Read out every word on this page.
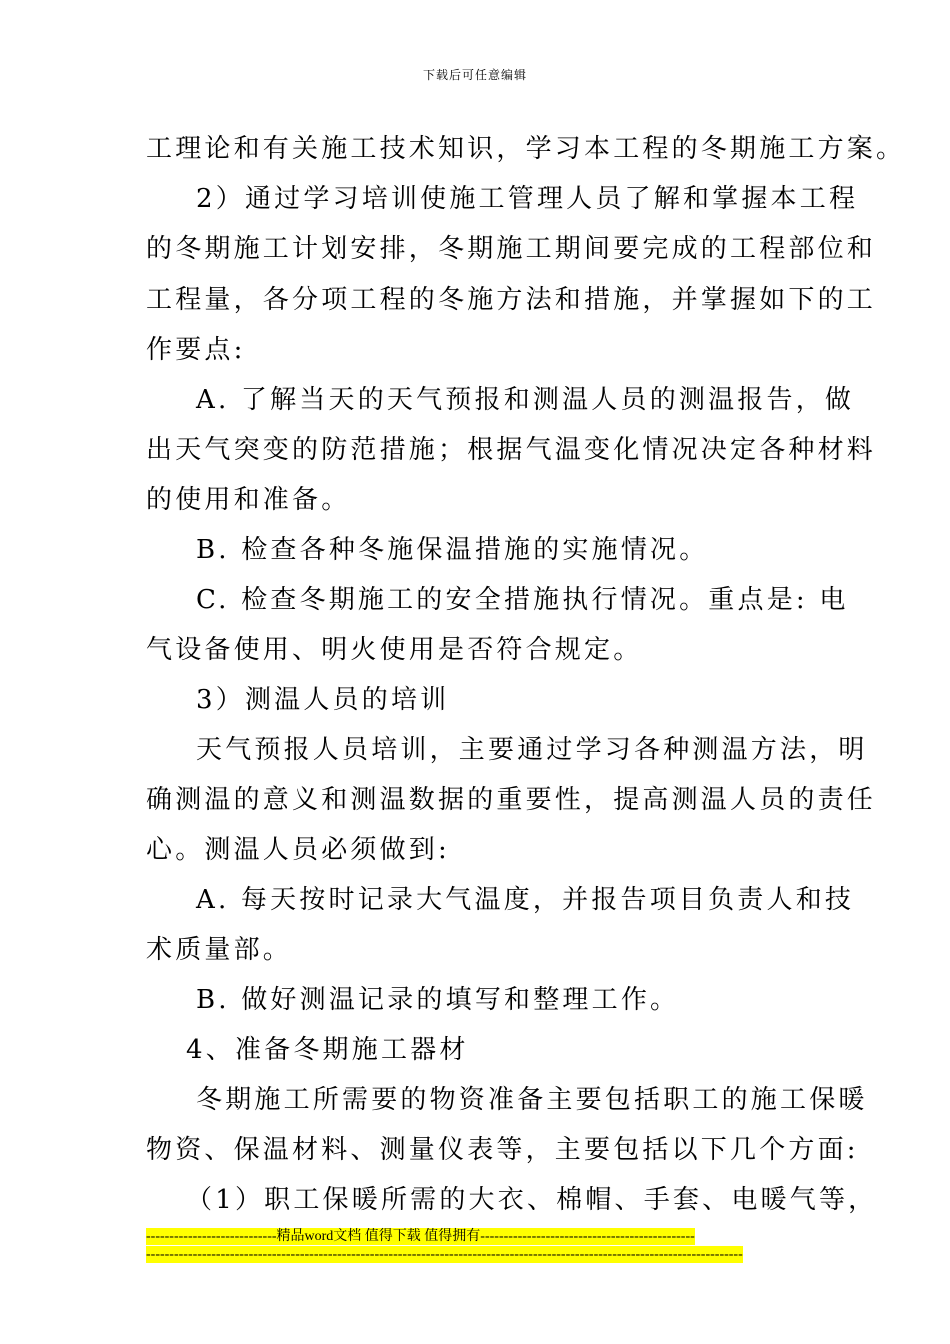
下载后可任意编辑
工理论和有关施工技术知识，学习本工程的冬期施工方案。
2）通过学习培训使施工管理人员了解和掌握本工程
的冬期施工计划安排，冬期施工期间要完成的工程部位和
工程量，各分项工程的冬施方法和措施，并掌握如下的工
作要点:
A. 了解当天的天气预报和测温人员的测温报告，做
出天气突变的防范措施；根据气温变化情况决定各种材料
的使用和准备。
B. 检查各种冬施保温措施的实施情况。
C. 检查冬期施工的安全措施执行情况。重点是: 电
气设备使用、明火使用是否符合规定。
3）测温人员的培训
天气预报人员培训，主要通过学习各种测温方法，明
确测温的意义和测温数据的重要性，提高测温人员的责任
心。测温人员必须做到:
A. 每天按时记录大气温度，并报告项目负责人和技
术质量部。
B. 做好测温记录的填写和整理工作。
4、准备冬期施工器材
冬期施工所需要的物资准备主要包括职工的施工保暖
物资、保温材料、测量仪表等，主要包括以下几个方面:
（1）职工保暖所需的大衣、棉帽、手套、电暖气等，
----------------------------精品word文档 值得下载 值得拥有----------------------------------------------
--------------------------------------------------------------------------------------------------------------------------------
